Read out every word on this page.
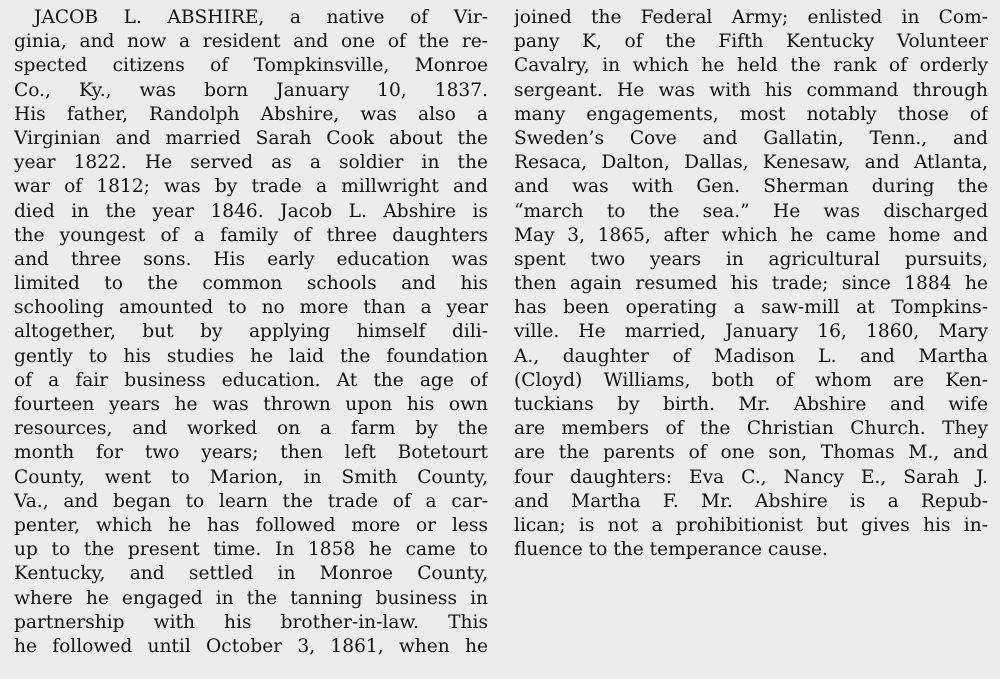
JACOB L. ABSHIRE, a native of Vir-
ginia, and now a resident and one of the re-
spected citizens of Tompkinsville, Monroe
Co., Ky., was born January 10, 1837.
His father, Randolph Abshire, was also a
Virginian and married Sarah Cook about the
year 1822. He served as a soldier in the
war of 1812; was by trade a millwright and
died in the year 1846. Jacob L. Abshire is
the youngest of a family of three daughters
and three sons. His early education was
limited to the common schools and his
schooling amounted to no more than a year
altogether, but by applying himself dili-
gently to his studies he laid the foundation
of a fair business education. At the age of
fourteen years he was thrown upon his own
resources, and worked on a farm by the
month for two years; then left Botetourt
County, went to Marion, in Smith County,
Va., and began to learn the trade of a car-
penter, which he has followed more or less
up to the present time. In 1858 he came to
Kentucky, and settled in Monroe County,
where he engaged in the tanning business in
partnership with his brother-in-law. This
he followed until October 3, 1861, when he
joined the Federal Army; enlisted in Com-
pany K, of the Fifth Kentucky Volunteer
Cavalry, in which he held the rank of orderly
sergeant. He was with his command through
many engagements, most notably those of
Sweden’s Cove and Gallatin, Tenn., and
Resaca, Dalton, Dallas, Kenesaw, and Atlanta,
and was with Gen. Sherman during the
“march to the sea.” He was discharged
May 3, 1865, after which he came home and
spent two years in agricultural pursuits,
then again resumed his trade; since 1884 he
has been operating a saw-mill at Tompkins-
ville. He married, January 16, 1860, Mary
A., daughter of Madison L. and Martha
(Cloyd) Williams, both of whom are Ken-
tuckians by birth. Mr. Abshire and wife
are members of the Christian Church. They
are the parents of one son, Thomas M., and
four daughters: Eva C., Nancy E., Sarah J.
and Martha F. Mr. Abshire is a Repub-
lican; is not a prohibitionist but gives his in-
fluence to the temperance cause.
